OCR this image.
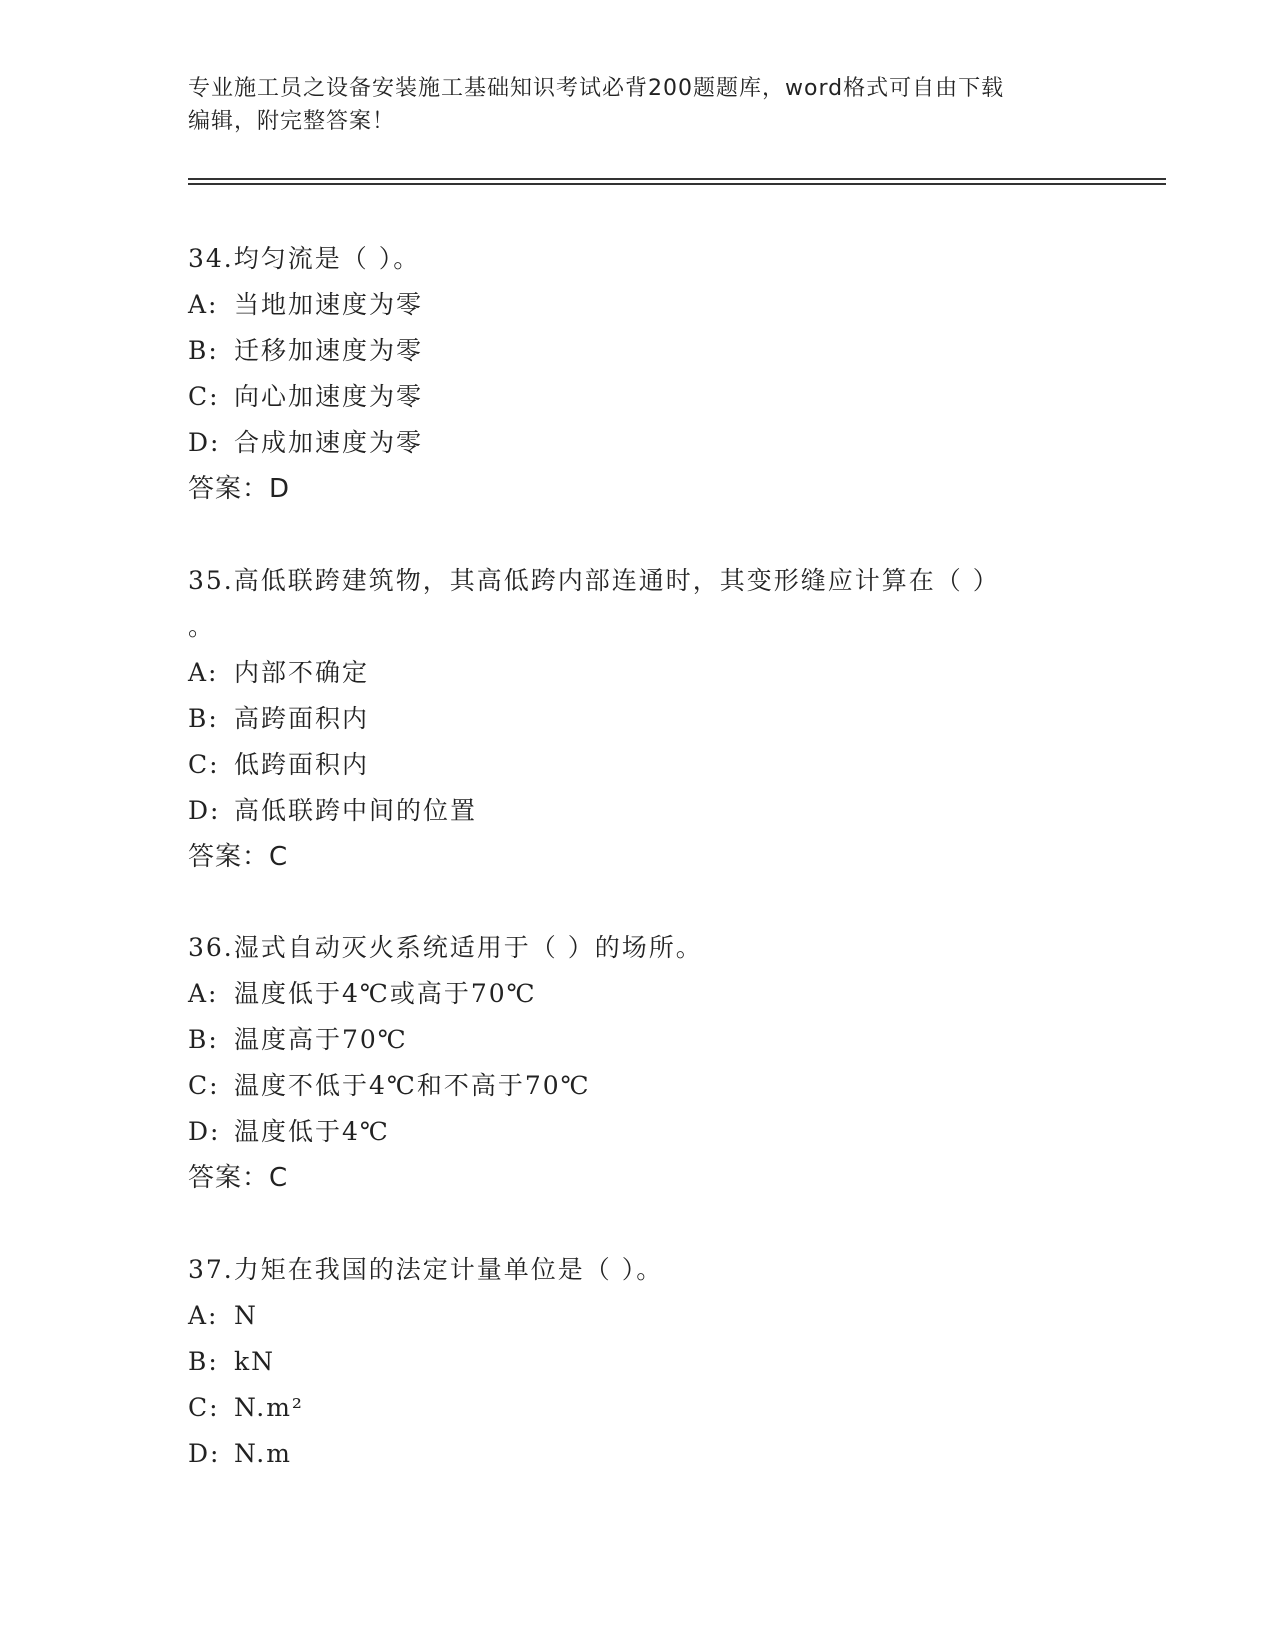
专业施工员之设备安装施工基础知识考试必背200题题库，word格式可自由下载
编辑，附完整答案！
34.均匀流是（ ）。
A: 当地加速度为零
B: 迁移加速度为零
C: 向心加速度为零
D: 合成加速度为零
答案：D
35.高低联跨建筑物，其高低跨内部连通时，其变形缝应计算在（ ）
。
A: 内部不确定
B: 高跨面积内
C: 低跨面积内
D: 高低联跨中间的位置
答案：C
36.湿式自动灭火系统适用于（ ）的场所。
A: 温度低于4℃或高于70℃
B: 温度高于70℃
C: 温度不低于4℃和不高于70℃
D: 温度低于4℃
答案：C
37.力矩在我国的法定计量单位是（ ）。
A: N
B: kN
C: N.m²
D: N.m
